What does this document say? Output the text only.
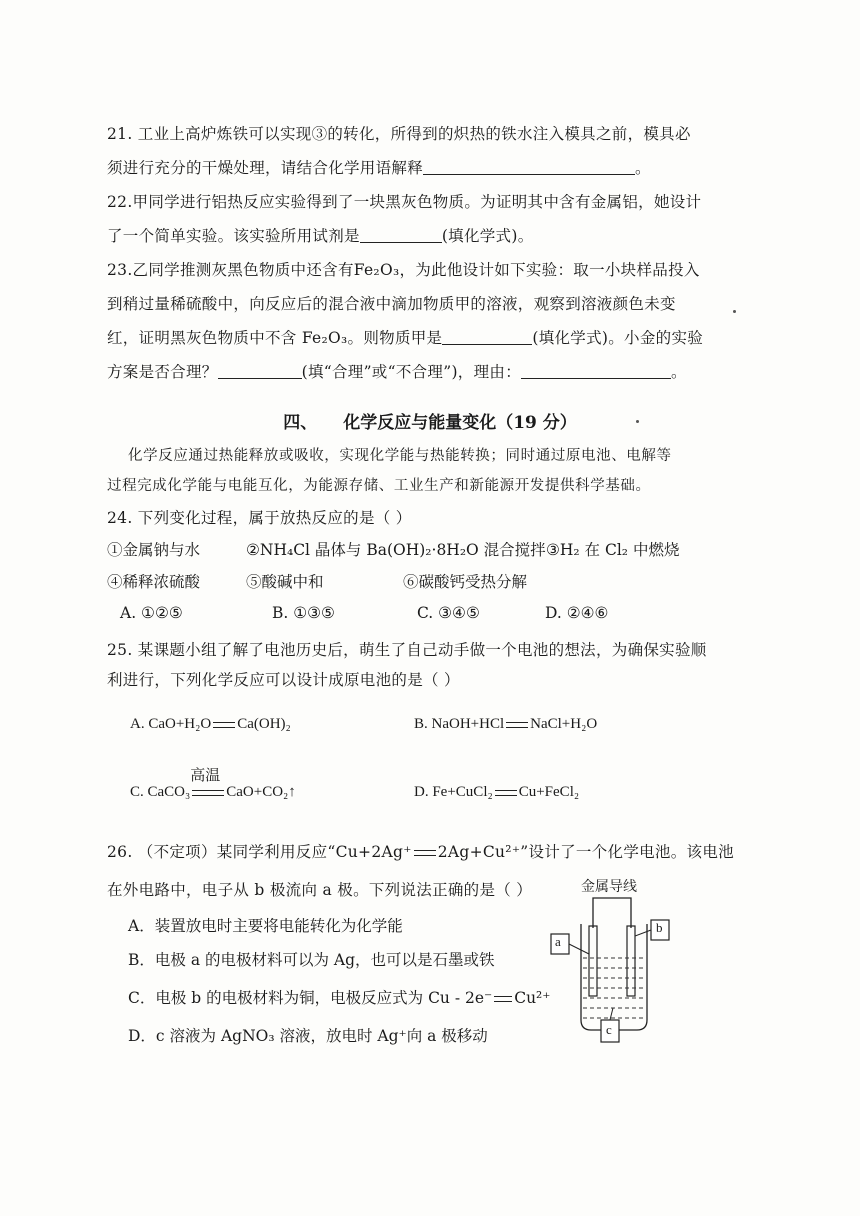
21. 工业上高炉炼铁可以实现③的转化，所得到的炽热的铁水注入模具之前，模具必
须进行充分的干燥处理，请结合化学用语解释	。
22.甲同学进行铝热反应实验得到了一块黑灰色物质。为证明其中含有金属铝，她设计
了一个简单实验。该实验所用试剂是	(填化学式)。
23.乙同学推测灰黑色物质中还含有Fe₂O₃，为此他设计如下实验：取一小块样品投入
到稍过量稀硫酸中，向反应后的混合液中滴加物质甲的溶液，观察到溶液颜色未变
红，证明黑灰色物质中不含 Fe₂O₃。则物质甲是	(填化学式)。小金的实验
方案是否合理？	(填“合理”或“不合理”)，理由：	。
四、 化学反应与能量变化（19 分）
化学反应通过热能释放或吸收，实现化学能与热能转换；同时通过原电池、电解等
过程完成化学能与电能互化，为能源存储、工业生产和新能源开发提供科学基础。
24. 下列变化过程，属于放热反应的是（ ）
①金属钠与水	②NH₄Cl 晶体与 Ba(OH)₂·8H₂O 混合搅拌 ③H₂ 在 Cl₂ 中燃烧
④稀释浓硫酸	⑤酸碱中和	⑥碳酸钙受热分解
A. ①②⑤	B. ①③⑤	C. ③④⑤	D. ②④⑥
25. 某课题小组了解了电池历史后，萌生了自己动手做一个电池的想法，为确保实验顺
利进行，下列化学反应可以设计成原电池的是（ ）
A. CaO+H₂O Ca(OH)₂	B. NaOH+HCl NaCl+H₂O
C. CaCO₃
高温
CaO+CO₂↑	D. Fe+CuCl₂ Cu+FeCl₂
26. （不定项）某同学利用反应“Cu+2Ag⁺ 2Ag+Cu²⁺”设计了一个化学电池。该电池
在外电路中，电子从 b 极流向 a 极。下列说法正确的是（ ）
A．装置放电时主要将电能转化为化学能
B．电极 a 的电极材料可以为 Ag，也可以是石墨或铁
C．电极 b 的电极材料为铜，电极反应式为 Cu - 2e⁻ Cu²⁺
D．c 溶液为 AgNO₃ 溶液，放电时 Ag⁺向 a 极移动
金属导线
a
b
c
